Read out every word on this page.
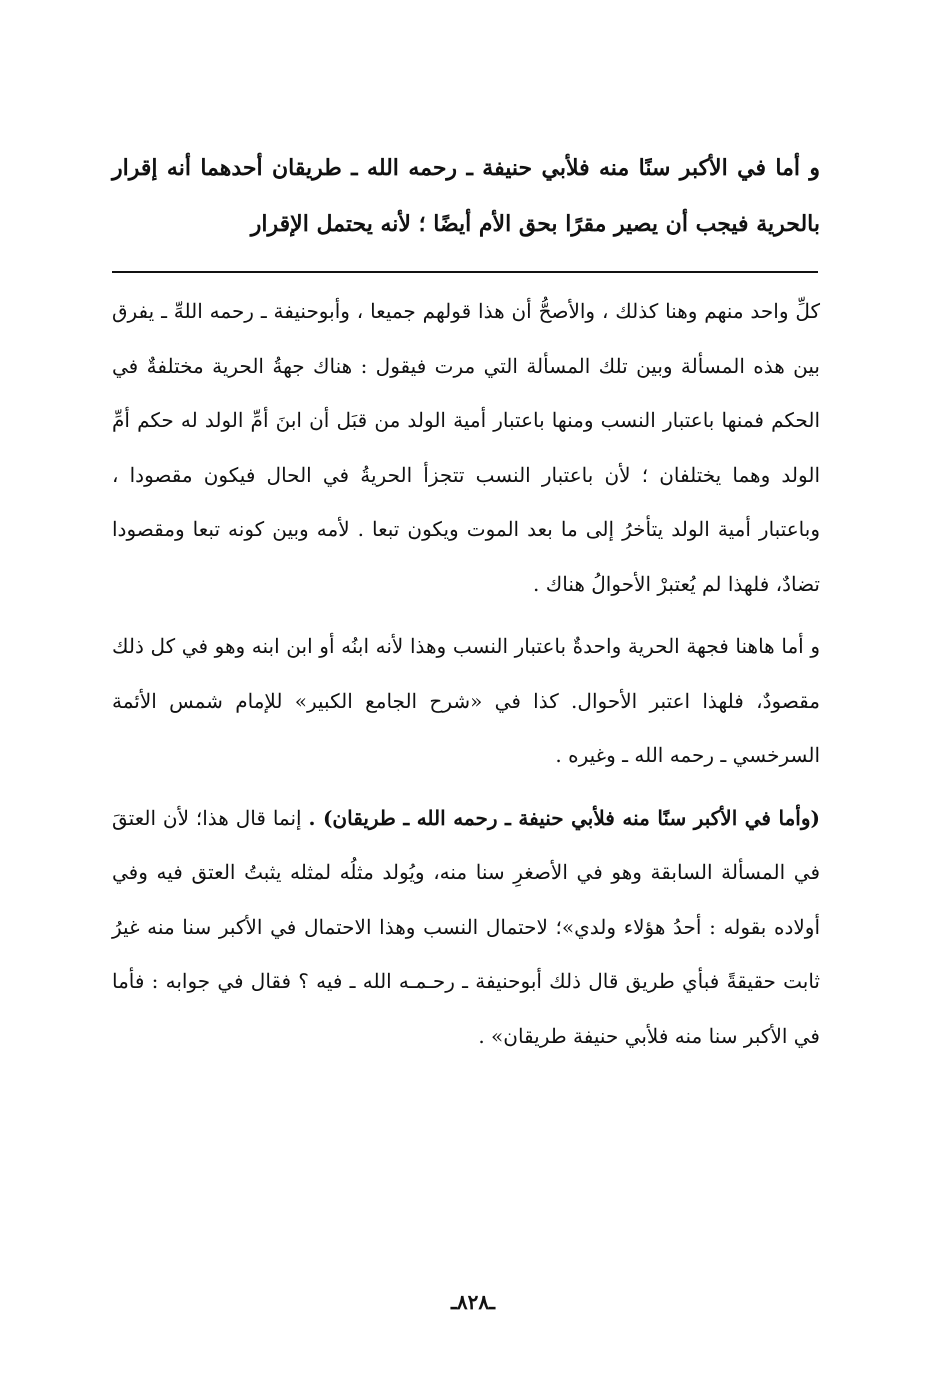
و أما في الأكبر سنًا منه فلأبي حنيفة ـ رحمه الله ـ طريقان أحدهما أنه إقرار بالحرية فيجب أن يصير مقرًا بحق الأم أيضًا ؛ لأنه يحتمل الإقرار

كلِّ واحد منهم وهنا كذلك ، والأصحُّ أن هذا قولهم جميعا ، وأبوحنيفة ـ رحمه اللهِّ ـ يفرق بين هذه المسألة وبين تلك المسألة التي مرت فيقول : هناك جهةُ الحرية مختلفةٌ في الحكم فمنها باعتبار النسب ومنها باعتبار أمية الولد من قبَل أن ابنَ أمِّ الولد له حكم أمِّ الولد وهما يختلفان ؛ لأن باعتبار النسب تتجزأ الحريةُ في الحال فيكون مقصودا ، وباعتبار أمية الولد يتأخرُ إلى ما بعد الموت ويكون تبعا . لأمه وبين كونه تبعا ومقصودا تضادٌ، فلهذا لم يُعتبرْ الأحوالُ هناك .

و أما هاهنا فجهة الحرية واحدةٌ باعتبار النسب وهذا لأنه ابنُه أو ابن ابنه وهو في كل ذلك مقصودٌ، فلهذا اعتبر الأحوال. كذا في «شرح الجامع الكبير» للإمام شمس الأئمة السرخسي ـ رحمه الله ـ وغيره .

(وأما في الأكبر سنًا منه فلأبي حنيفة ـ رحمه الله ـ طريقان) . إنما قال هذا؛ لأن العتقَ في المسألة السابقة وهو في الأصغرِ سنا منه، ويُولد مثلُه لمثله يثبتُ العتق فيه وفي أولاده بقوله : أحدُ هؤلاء ولدي»؛ لاحتمال النسب وهذا الاحتمال في الأكبر سنا منه غيرُ ثابت حقيقةً فبأي طريق قال ذلك أبوحنيفة ـ رحـمـه الله ـ فيه ؟ فقال في جوابه : فأما في الأكبر سنا منه فلأبي حنيفة طريقان» .

ـ٨٢٨ـ
